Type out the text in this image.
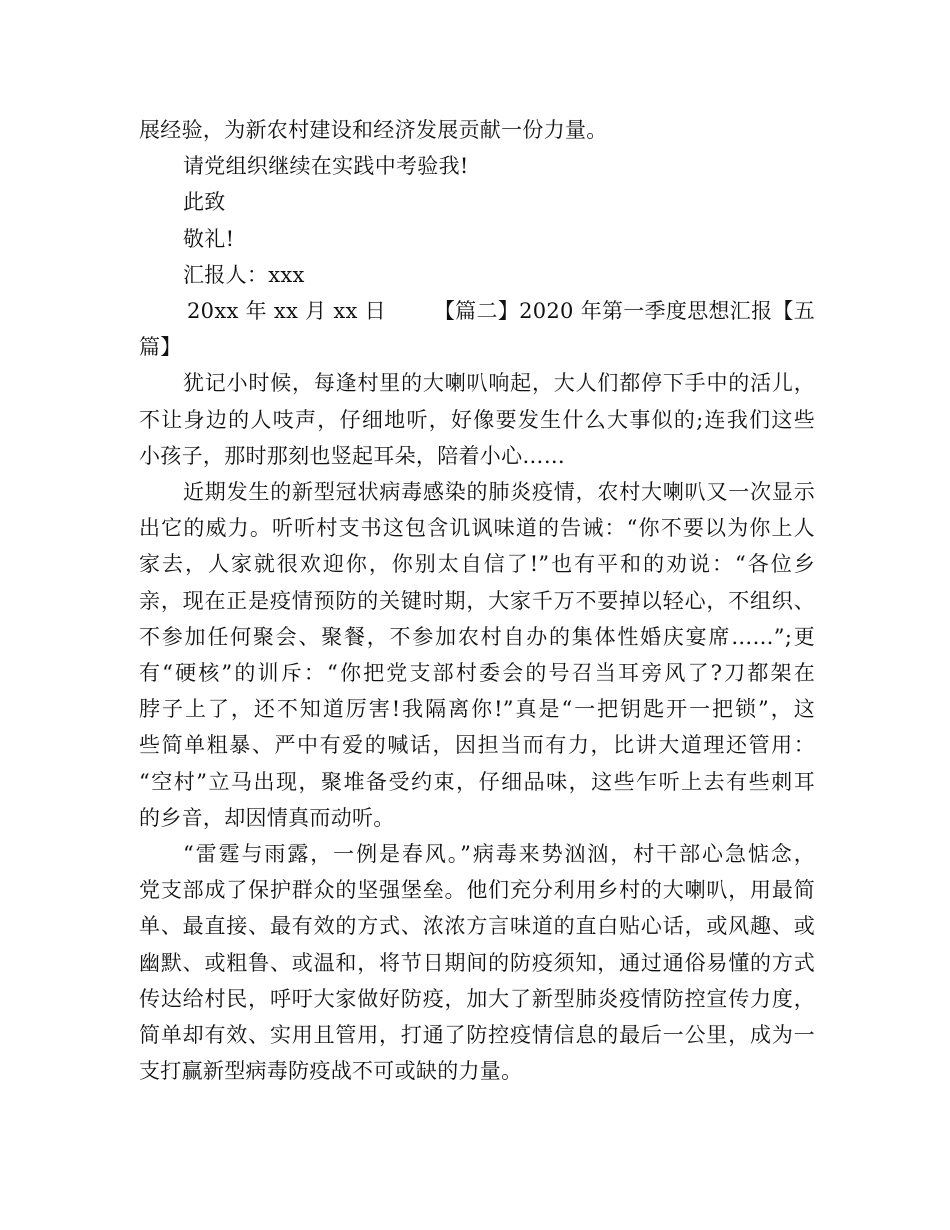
展经验，为新农村建设和经济发展贡献一份力量。
请党组织继续在实践中考验我!
此致
敬礼!
汇报人：xxx
20xx 年 xx 月 xx 日 【篇二】2020 年第一季度思想汇报【五
篇】
犹记小时候，每逢村里的大喇叭响起，大人们都停下手中的活儿，
不让身边的人吱声，仔细地听，好像要发生什么大事似的;连我们这些
小孩子，那时那刻也竖起耳朵，陪着小心……
近期发生的新型冠状病毒感染的肺炎疫情，农村大喇叭又一次显示
出它的威力。听听村支书这包含讥讽味道的告诫：“你不要以为你上人
家去，人家就很欢迎你，你别太自信了!”也有平和的劝说：“各位乡
亲，现在正是疫情预防的关键时期，大家千万不要掉以轻心，不组织、
不参加任何聚会、聚餐，不参加农村自办的集体性婚庆宴席……”;更
有“硬核”的训斥：“你把党支部村委会的号召当耳旁风了?刀都架在
脖子上了，还不知道厉害!我隔离你!”真是“一把钥匙开一把锁”，这
些简单粗暴、严中有爱的喊话，因担当而有力，比讲大道理还管用：
“空村”立马出现，聚堆备受约束，仔细品味，这些乍听上去有些刺耳
的乡音，却因情真而动听。
“雷霆与雨露，一例是春风。”病毒来势汹汹，村干部心急惦念，
党支部成了保护群众的坚强堡垒。他们充分利用乡村的大喇叭，用最简
单、最直接、最有效的方式、浓浓方言味道的直白贴心话，或风趣、或
幽默、或粗鲁、或温和，将节日期间的防疫须知，通过通俗易懂的方式
传达给村民，呼吁大家做好防疫，加大了新型肺炎疫情防控宣传力度，
简单却有效、实用且管用，打通了防控疫情信息的最后一公里，成为一
支打赢新型病毒防疫战不可或缺的力量。
